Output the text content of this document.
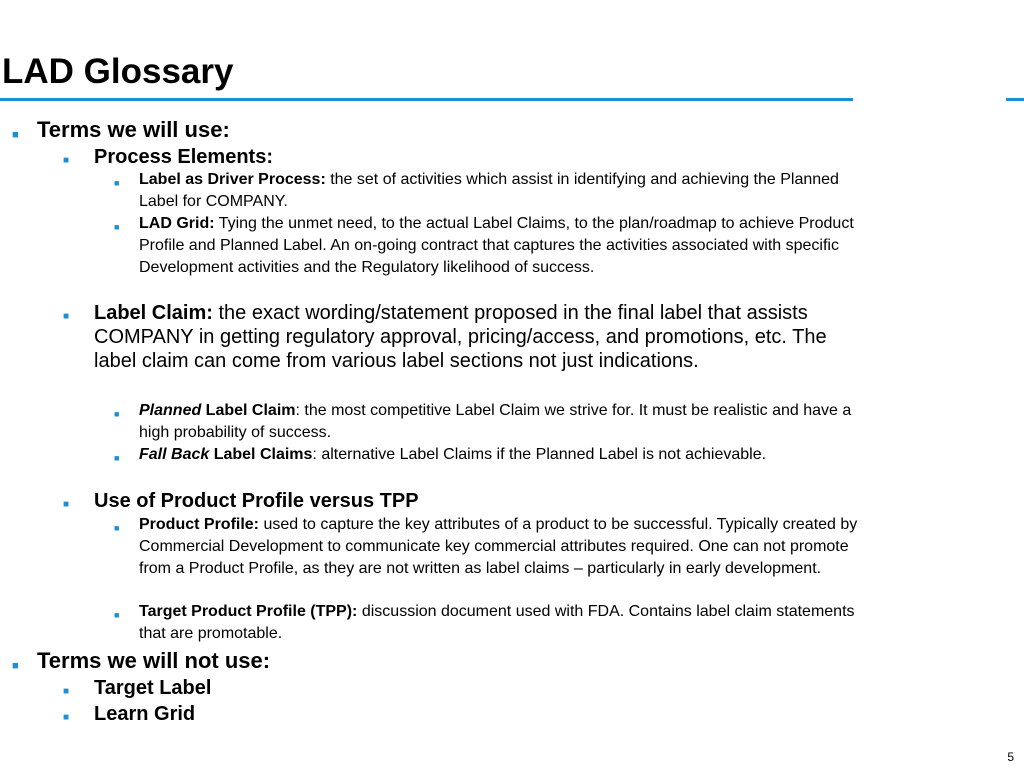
LAD Glossary
■ Terms we will use:
■ Process Elements:
■ Label as Driver Process: the set of activities which assist in identifying and achieving the Planned Label for COMPANY.
■ LAD Grid: Tying the unmet need, to the actual Label Claims, to the plan/roadmap to achieve Product Profile and Planned Label. An on-going contract that captures the activities associated with specific Development activities and the Regulatory likelihood of success.
■ Label Claim: the exact wording/statement proposed in the final label that assists COMPANY in getting regulatory approval, pricing/access, and promotions, etc. The label claim can come from various label sections not just indications.
■ Planned Label Claim: the most competitive Label Claim we strive for. It must be realistic and have a high probability of success.
■ Fall Back Label Claims: alternative Label Claims if the Planned Label is not achievable.
■ Use of Product Profile versus TPP
■ Product Profile: used to capture the key attributes of a product to be successful. Typically created by Commercial Development to communicate key commercial attributes required. One can not promote from a Product Profile, as they are not written as label claims – particularly in early development.
■ Target Product Profile (TPP): discussion document used with FDA. Contains label claim statements that are promotable.
■ Terms we will not use:
■ Target Label
■ Learn Grid
5
